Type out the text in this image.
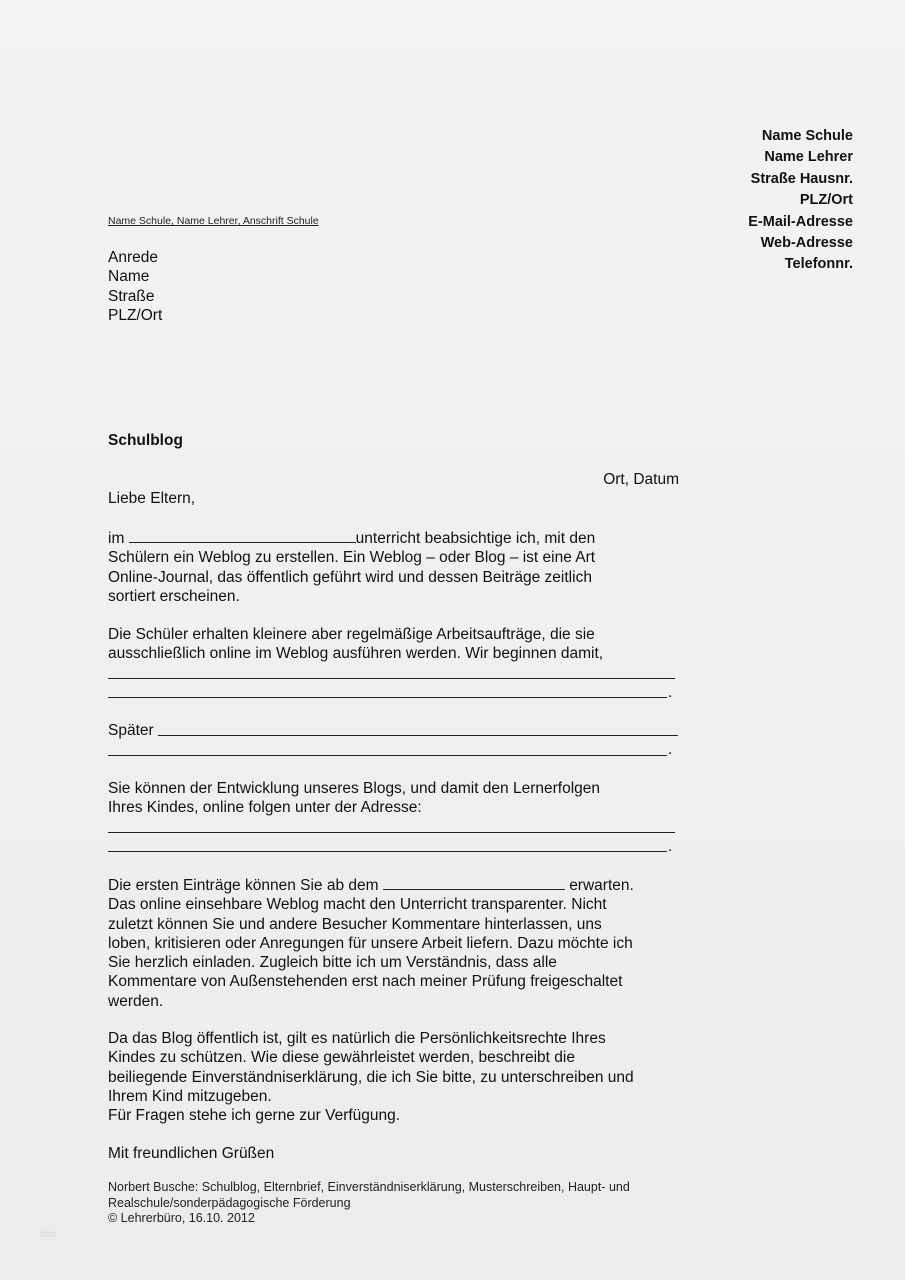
Name Schule
Name Lehrer
Straße Hausnr.
PLZ/Ort
E-Mail-Adresse
Web-Adresse
Telefonnr.
Name Schule, Name Lehrer, Anschrift Schule
Anrede
Name
Straße
PLZ/Ort
Schulblog
Ort, Datum
Liebe Eltern,
im	unterricht beabsichtige ich, mit den
Schülern ein Weblog zu erstellen. Ein Weblog – oder Blog – ist eine Art
Online-Journal, das öffentlich geführt wird und dessen Beiträge zeitlich
sortiert erscheinen.
Die Schüler erhalten kleinere aber regelmäßige Arbeitsaufträge, die sie
ausschließlich online im Weblog ausführen werden. Wir beginnen damit,
.
Später
.
Sie können der Entwicklung unseres Blogs, und damit den Lernerfolgen
Ihres Kindes, online folgen unter der Adresse:
.
Die ersten Einträge können Sie ab dem	erwarten.
Das online einsehbare Weblog macht den Unterricht transparenter. Nicht
zuletzt können Sie und andere Besucher Kommentare hinterlassen, uns
loben, kritisieren oder Anregungen für unsere Arbeit liefern. Dazu möchte ich
Sie herzlich einladen. Zugleich bitte ich um Verständnis, dass alle
Kommentare von Außenstehenden erst nach meiner Prüfung freigeschaltet
werden.
Da das Blog öffentlich ist, gilt es natürlich die Persönlichkeitsrechte Ihres
Kindes zu schützen. Wie diese gewährleistet werden, beschreibt die
beiliegende Einverständniserklärung, die ich Sie bitte, zu unterschreiben und
Ihrem Kind mitzugeben.
Für Fragen stehe ich gerne zur Verfügung.
Mit freundlichen Grüßen
Norbert Busche: Schulblog, Elternbrief, Einverständniserklärung, Musterschreiben, Haupt- und
Realschule/sonderpädagogische Förderung
© Lehrerbüro, 16.10. 2012
frtto
